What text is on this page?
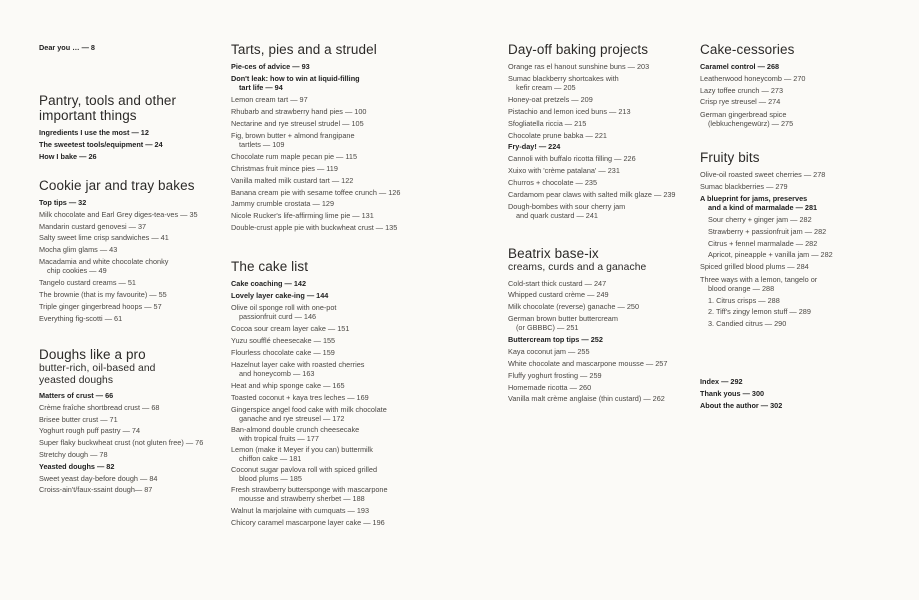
Dear you … — 8
Pantry, tools and other important things
Ingredients I use the most — 12
The sweetest tools/equipment — 24
How I bake — 26
Cookie jar and tray bakes
Top tips — 32
Milk chocolate and Earl Grey diges-tea-ves — 35
Mandarin custard genovesi — 37
Salty sweet lime crisp sandwiches — 41
Mocha glim glams — 43
Macadamia and white chocolate chonky
chip cookies — 49
Tangelo custard creams — 51
The brownie (that is my favourite) — 55
Triple ginger gingerbread hoops — 57
Everything fig-scotti — 61
Doughs like a pro
butter-rich, oil-based and yeasted doughs
Matters of crust — 66
Crème fraîche shortbread crust — 68
Brisee butter crust — 71
Yoghurt rough puff pastry — 74
Super flaky buckwheat crust (not gluten free) — 76
Stretchy dough — 78
Yeasted doughs — 82
Sweet yeast day-before dough — 84
Croiss-ain't/faux-ssaint dough— 87
Tarts, pies and a strudel
Pie-ces of advice — 93
Don't leak: how to win at liquid-filling
tart life — 94
Lemon cream tart — 97
Rhubarb and strawberry hand pies — 100
Nectarine and rye streusel strudel — 105
Fig, brown butter + almond frangipane
tartlets — 109
Chocolate rum maple pecan pie — 115
Christmas fruit mince pies — 119
Vanilla malted milk custard tart — 122
Banana cream pie with sesame toffee crunch — 126
Jammy crumble crostata — 129
Nicole Rucker's life-affirming lime pie — 131
Double-crust apple pie with buckwheat crust — 135
The cake list
Cake coaching — 142
Lovely layer cake-ing — 144
Olive oil sponge roll with one-pot
passionfruit curd — 146
Cocoa sour cream layer cake — 151
Yuzu soufflé cheesecake — 155
Flourless chocolate cake — 159
Hazelnut layer cake with roasted cherries
and honeycomb — 163
Heat and whip sponge cake — 165
Toasted coconut + kaya tres leches — 169
Gingerspice angel food cake with milk chocolate
ganache and rye streusel — 172
Ban-almond double crunch cheesecake
with tropical fruits — 177
Lemon (make it Meyer if you can) buttermilk
chiffon cake — 181
Coconut sugar pavlova roll with spiced grilled
blood plums — 185
Fresh strawberry buttersponge with mascarpone
mousse and strawberry sherbet — 188
Walnut la marjolaine with cumquats — 193
Chicory caramel mascarpone layer cake — 196
Day-off baking projects
Orange ras el hanout sunshine buns — 203
Sumac blackberry shortcakes with
kefir cream — 205
Honey-oat pretzels — 209
Pistachio and lemon iced buns — 213
Sfogliatella riccia — 215
Chocolate prune babka — 221
Fry-day! — 224
Cannoli with buffalo ricotta filling — 226
Xuixo with 'crème patalana' — 231
Churros + chocolate — 235
Cardamom pear claws with salted milk glaze — 239
Dough-bombes with sour cherry jam
and quark custard — 241
Beatrix base-ix
creams, curds and a ganache
Cold-start thick custard — 247
Whipped custard crème — 249
Milk chocolate (reverse) ganache — 250
German brown butter buttercream
(or GBBBC) — 251
Buttercream top tips — 252
Kaya coconut jam — 255
White chocolate and mascarpone mousse — 257
Fluffy yoghurt frosting — 259
Homemade ricotta — 260
Vanilla malt crème anglaise (thin custard) — 262
Cake-cessories
Caramel control — 268
Leatherwood honeycomb — 270
Lazy toffee crunch — 273
Crisp rye streusel — 274
German gingerbread spice
(lebkuchengewürz) — 275
Fruity bits
Olive-oil roasted sweet cherries — 278
Sumac blackberries — 279
A blueprint for jams, preserves
and a kind of marmalade — 281
Sour cherry + ginger jam — 282
Strawberry + passionfruit jam — 282
Citrus + fennel marmalade — 282
Apricot, pineapple + vanilla jam — 282
Spiced grilled blood plums — 284
Three ways with a lemon, tangelo or
blood orange — 288
1. Citrus crisps — 288
2. Tiff's zingy lemon stuff — 289
3. Candied citrus — 290
Index — 292
Thank yous — 300
About the author — 302
